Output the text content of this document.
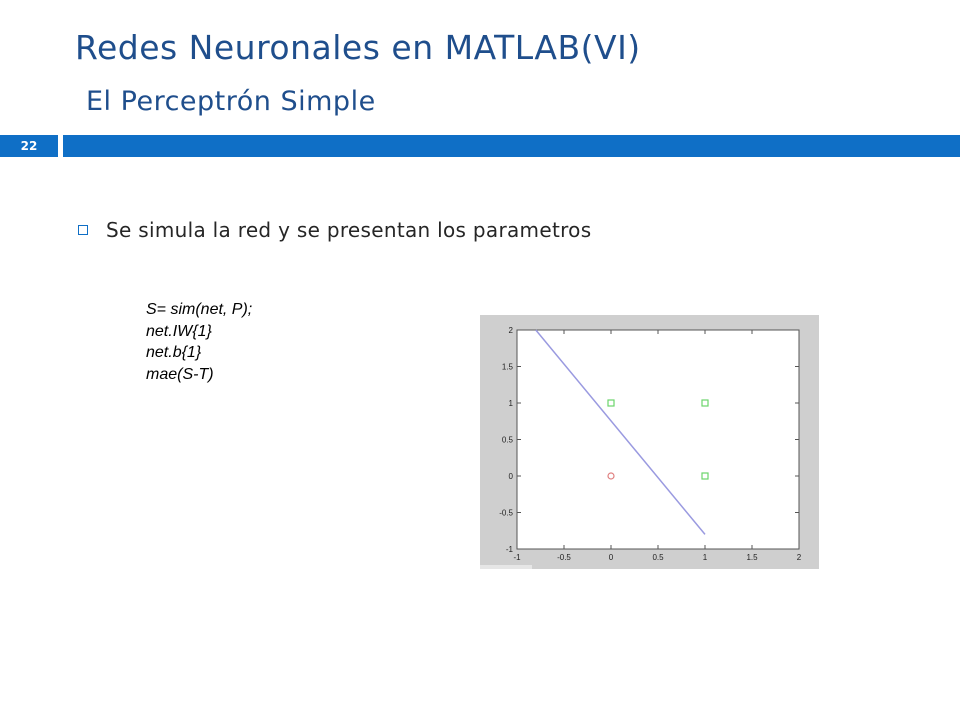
Redes Neuronales en MATLAB(VI)
El Perceptrón Simple
22
Se simula la red y se presentan los parametros
S= sim(net, P);
net.IW{1}
net.b{1}
mae(S-T)
-1	-0.5	0	0.5	1	1.5	2
-1
-0.5
0
0.5
1
1.5
2
